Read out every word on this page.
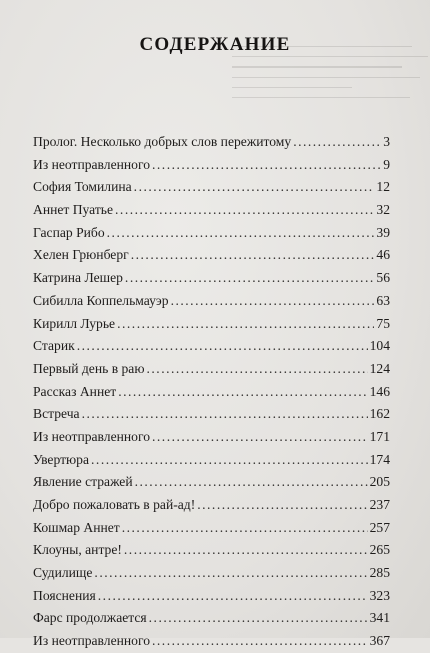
СОДЕРЖАНИЕ
Пролог. Несколько добрых слов пережитому .....	3
Из неотправленного .....	9
София Томилина .....	12
Аннет Пуатье .....	32
Гаспар Рибо .....	39
Хелен Грюнберг .....	46
Катрина Лешер .....	56
Сибилла Коппельмауэр .....	63
Кирилл Лурье .....	75
Старик .....	104
Первый день в раю .....	124
Рассказ Аннет .....	146
Встреча .....	162
Из неотправленного .....	171
Увертюра .....	174
Явление стражей .....	205
Добро пожаловать в рай-ад! .....	237
Кошмар Аннет .....	257
Клоуны, антре! .....	265
Судилище .....	285
Пояснения .....	323
Фарс продолжается .....	341
Из неотправленного .....	367
